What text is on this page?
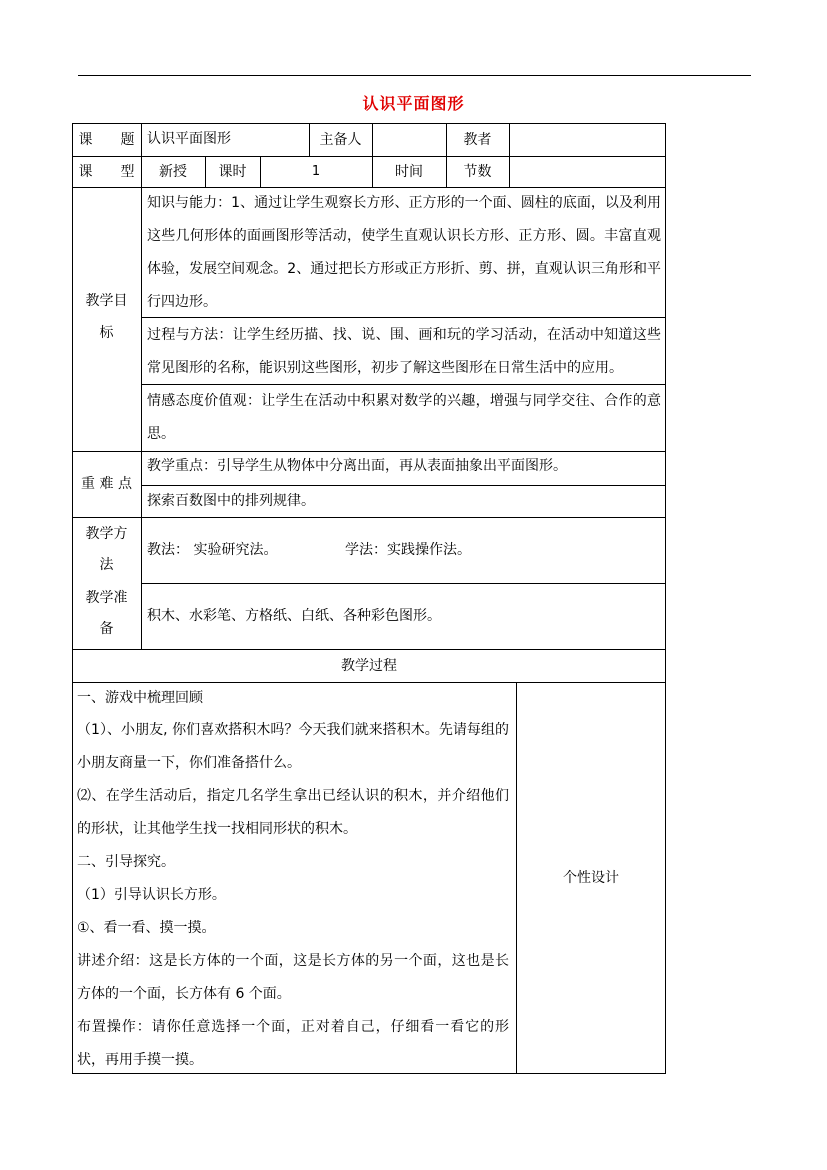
认识平面图形
课　　题 认识平面图形	主备人	教者
课　　型	新授	课时	1	时间	节数
教学目
标
知识与能力：1、通过让学生观察长方形、正方形的一个面、圆柱的底面，以及利用这些几何形体的面画图形等活动，使学生直观认识长方形、正方形、圆。丰富直观体验，发展空间观念。2、通过把长方形或正方形折、剪、拼，直观认识三角形和平行四边形。
过程与方法：让学生经历描、找、说、围、画和玩的学习活动，在活动中知道这些常见图形的名称，能识别这些图形，初步了解这些图形在日常生活中的应用。
情感态度价值观：让学生在活动中积累对数学的兴趣，增强与同学交往、合作的意思。
重 难 点
教学重点：引导学生从物体中分离出面，再从表面抽象出平面图形。
探索百数图中的排列规律。
教学方
法
教法： 实验研究法。	学法：实践操作法。
教学准
备
积木、水彩笔、方格纸、白纸、各种彩色图形。
教学过程
一、游戏中梳理回顾
（1）、小朋友, 你们喜欢搭积木吗？今天我们就来搭积木。先请每组的小朋友商量一下，你们准备搭什么。
⑵、在学生活动后，指定几名学生拿出已经认识的积木，并介绍他们的形状，让其他学生找一找相同形状的积木。
二、引导探究。
（1）引导认识长方形。
①、看一看、摸一摸。
讲述介绍：这是长方体的一个面，这是长方体的另一个面，这也是长方体的一个面，长方体有 6 个面。
布置操作：请你任意选择一个面，正对着自己，仔细看一看它的形状，再用手摸一摸。
个性设计
